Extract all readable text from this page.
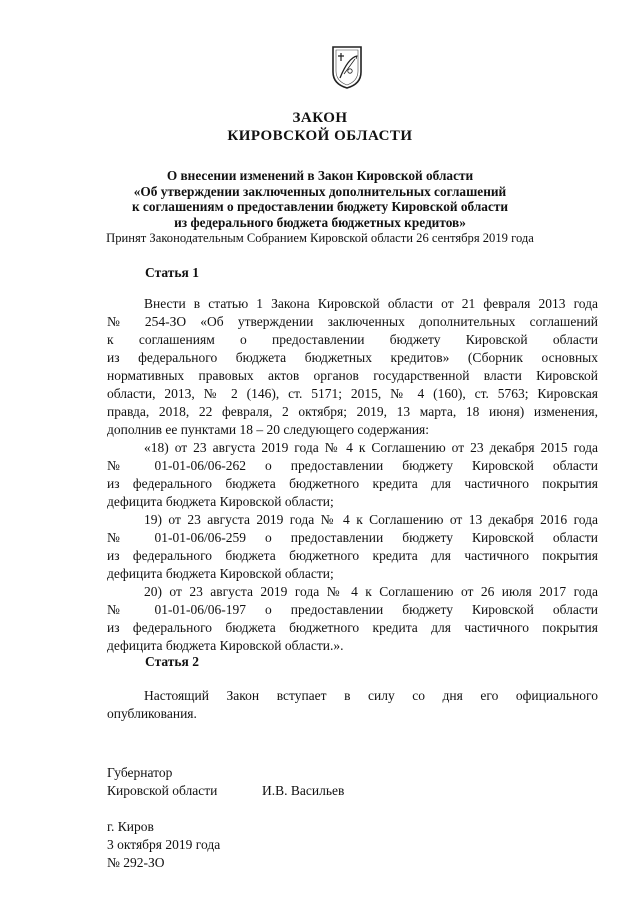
ЗАКОН
КИРОВСКОЙ ОБЛАСТИ
О внесении изменений в Закон Кировской области
«Об утверждении заключенных дополнительных соглашений
к соглашениям о предоставлении бюджету Кировской области
из федерального бюджета бюджетных кредитов»
Принят Законодательным Собранием Кировской области 26 сентября 2019 года
Статья 1
Внести в статью 1 Закона Кировской области от 21 февраля 2013 года
№ 254-ЗО «Об утверждении заключенных дополнительных соглашений
к соглашениям о предоставлении бюджету Кировской области
из федерального бюджета бюджетных кредитов» (Сборник основных
нормативных правовых актов органов государственной власти Кировской
области, 2013, № 2 (146), ст. 5171; 2015, № 4 (160), ст. 5763; Кировская
правда, 2018, 22 февраля, 2 октября; 2019, 13 марта, 18 июня) изменения,
дополнив ее пунктами 18 – 20 следующего содержания:
«18) от 23 августа 2019 года № 4 к Соглашению от 23 декабря 2015 года
№ 01-01-06/06-262 о предоставлении бюджету Кировской области
из федерального бюджета бюджетного кредита для частичного покрытия
дефицита бюджета Кировской области;
19) от 23 августа 2019 года № 4 к Соглашению от 13 декабря 2016 года
№ 01-01-06/06-259 о предоставлении бюджету Кировской области
из федерального бюджета бюджетного кредита для частичного покрытия
дефицита бюджета Кировской области;
20) от 23 августа 2019 года № 4 к Соглашению от 26 июля 2017 года
№ 01-01-06/06-197 о предоставлении бюджету Кировской области
из федерального бюджета бюджетного кредита для частичного покрытия
дефицита бюджета Кировской области.».
Статья 2
Настоящий Закон вступает в силу со дня его официального
опубликования.
Губернатор
Кировской области	И.В. Васильев
г. Киров
3 октября 2019 года
№ 292-ЗО
